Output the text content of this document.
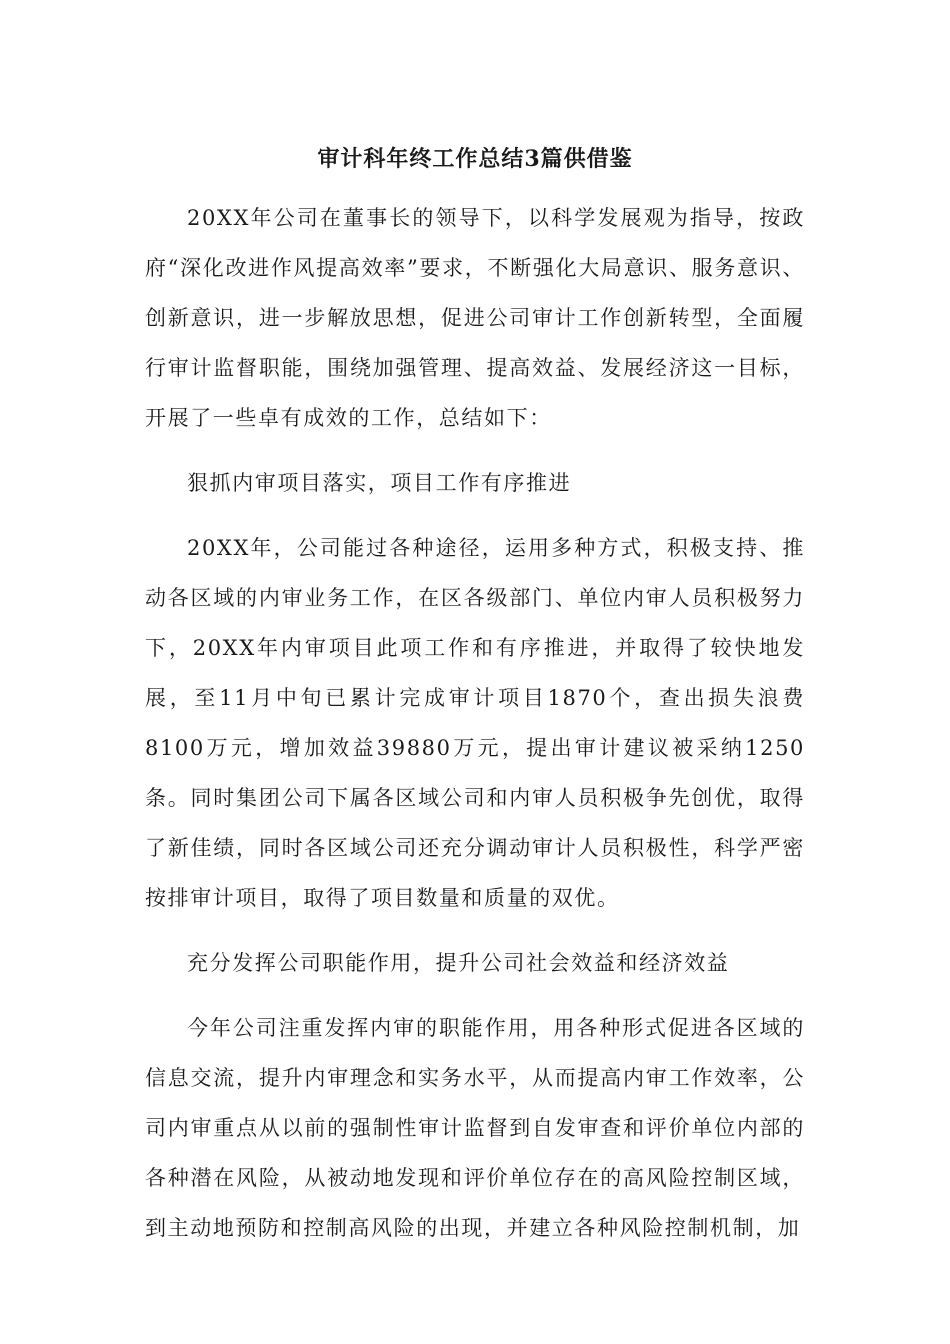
审计科年终工作总结3篇供借鉴

20XX年公司在董事长的领导下，以科学发展观为指导，按政府“深化改进作风提高效率”要求，不断强化大局意识、服务意识、创新意识，进一步解放思想，促进公司审计工作创新转型，全面履行审计监督职能，围绕加强管理、提高效益、发展经济这一目标，开展了一些卓有成效的工作，总结如下：

狠抓内审项目落实，项目工作有序推进

20XX年，公司能过各种途径，运用多种方式，积极支持、推动各区域的内审业务工作，在区各级部门、单位内审人员积极努力下，20XX年内审项目此项工作和有序推进，并取得了较快地发展，至11月中旬已累计完成审计项目1870个，查出损失浪费8100万元，增加效益39880万元，提出审计建议被采纳1250条。同时集团公司下属各区域公司和内审人员积极争先创优，取得了新佳绩，同时各区域公司还充分调动审计人员积极性，科学严密按排审计项目，取得了项目数量和质量的双优。

充分发挥公司职能作用，提升公司社会效益和经济效益

今年公司注重发挥内审的职能作用，用各种形式促进各区域的信息交流，提升内审理念和实务水平，从而提高内审工作效率，公司内审重点从以前的强制性审计监督到自发审查和评价单位内部的各种潜在风险，从被动地发现和评价单位存在的高风险控制区域，到主动地预防和控制高风险的出现，并建立各种风险控制机制，加
